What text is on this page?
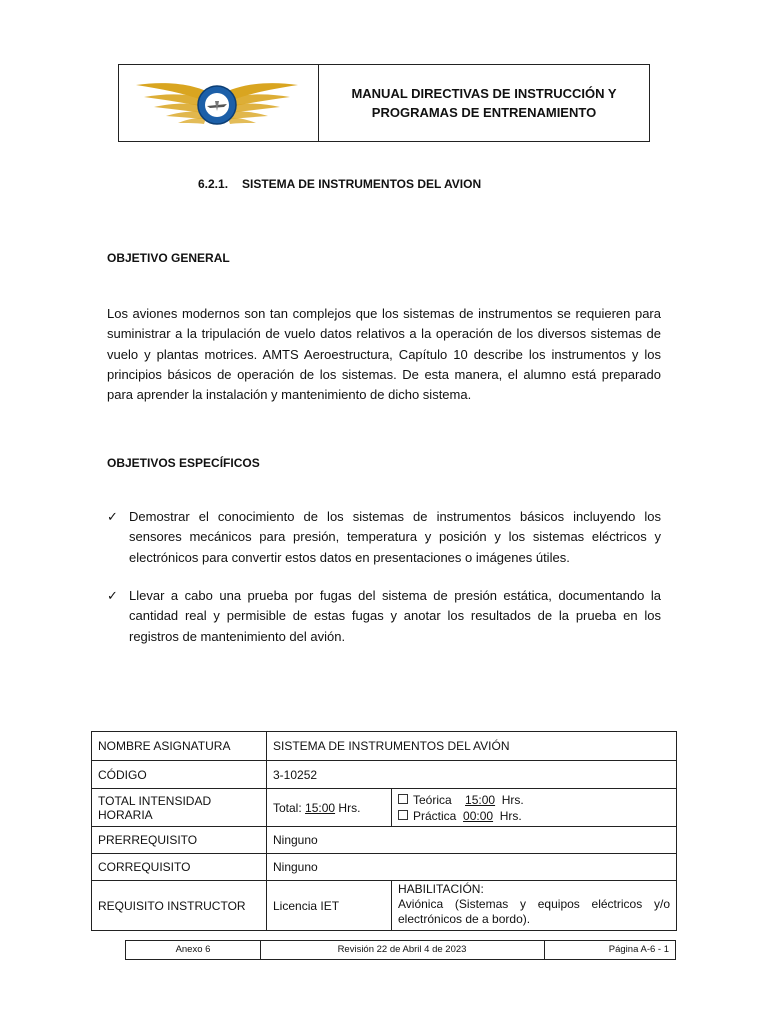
MANUAL DIRECTIVAS DE INSTRUCCIÓN Y
PROGRAMAS DE ENTRENAMIENTO
6.2.1. SISTEMA DE INSTRUMENTOS DEL AVION
OBJETIVO GENERAL
Los aviones modernos son tan complejos que los sistemas de instrumentos se requieren para suministrar a la tripulación de vuelo datos relativos a la operación de los diversos sistemas de vuelo y plantas motrices. AMTS Aeroestructura, Capítulo 10 describe los instrumentos y los principios básicos de operación de los sistemas. De esta manera, el alumno está preparado para aprender la instalación y mantenimiento de dicho sistema.
OBJETIVOS ESPECÍFICOS
✓ Demostrar el conocimiento de los sistemas de instrumentos básicos incluyendo los sensores mecánicos para presión, temperatura y posición y los sistemas eléctricos y electrónicos para convertir estos datos en presentaciones o imágenes útiles.
✓ Llevar a cabo una prueba por fugas del sistema de presión estática, documentando la cantidad real y permisible de estas fugas y anotar los resultados de la prueba en los registros de mantenimiento del avión.
NOMBRE ASIGNATURA	SISTEMA DE INSTRUMENTOS DEL AVIÓN	
CÓDIGO	3-10252	
TOTAL INTENSIDAD HORARIA	Total: 15:00 Hrs.	Teórica 15:00 Hrs.
Práctica 00:00 Hrs.

PRERREQUISITO	Ninguno	
CORREQUISITO	Ninguno	
REQUISITO INSTRUCTOR	Licencia IET	HABILITACIÓN:
Aviónica (Sistemas y equipos eléctricos y/o electrónicos de a bordo).
Anexo 6	Revisión 22 de Abril 4 de 2023	Página A-6 - 1
